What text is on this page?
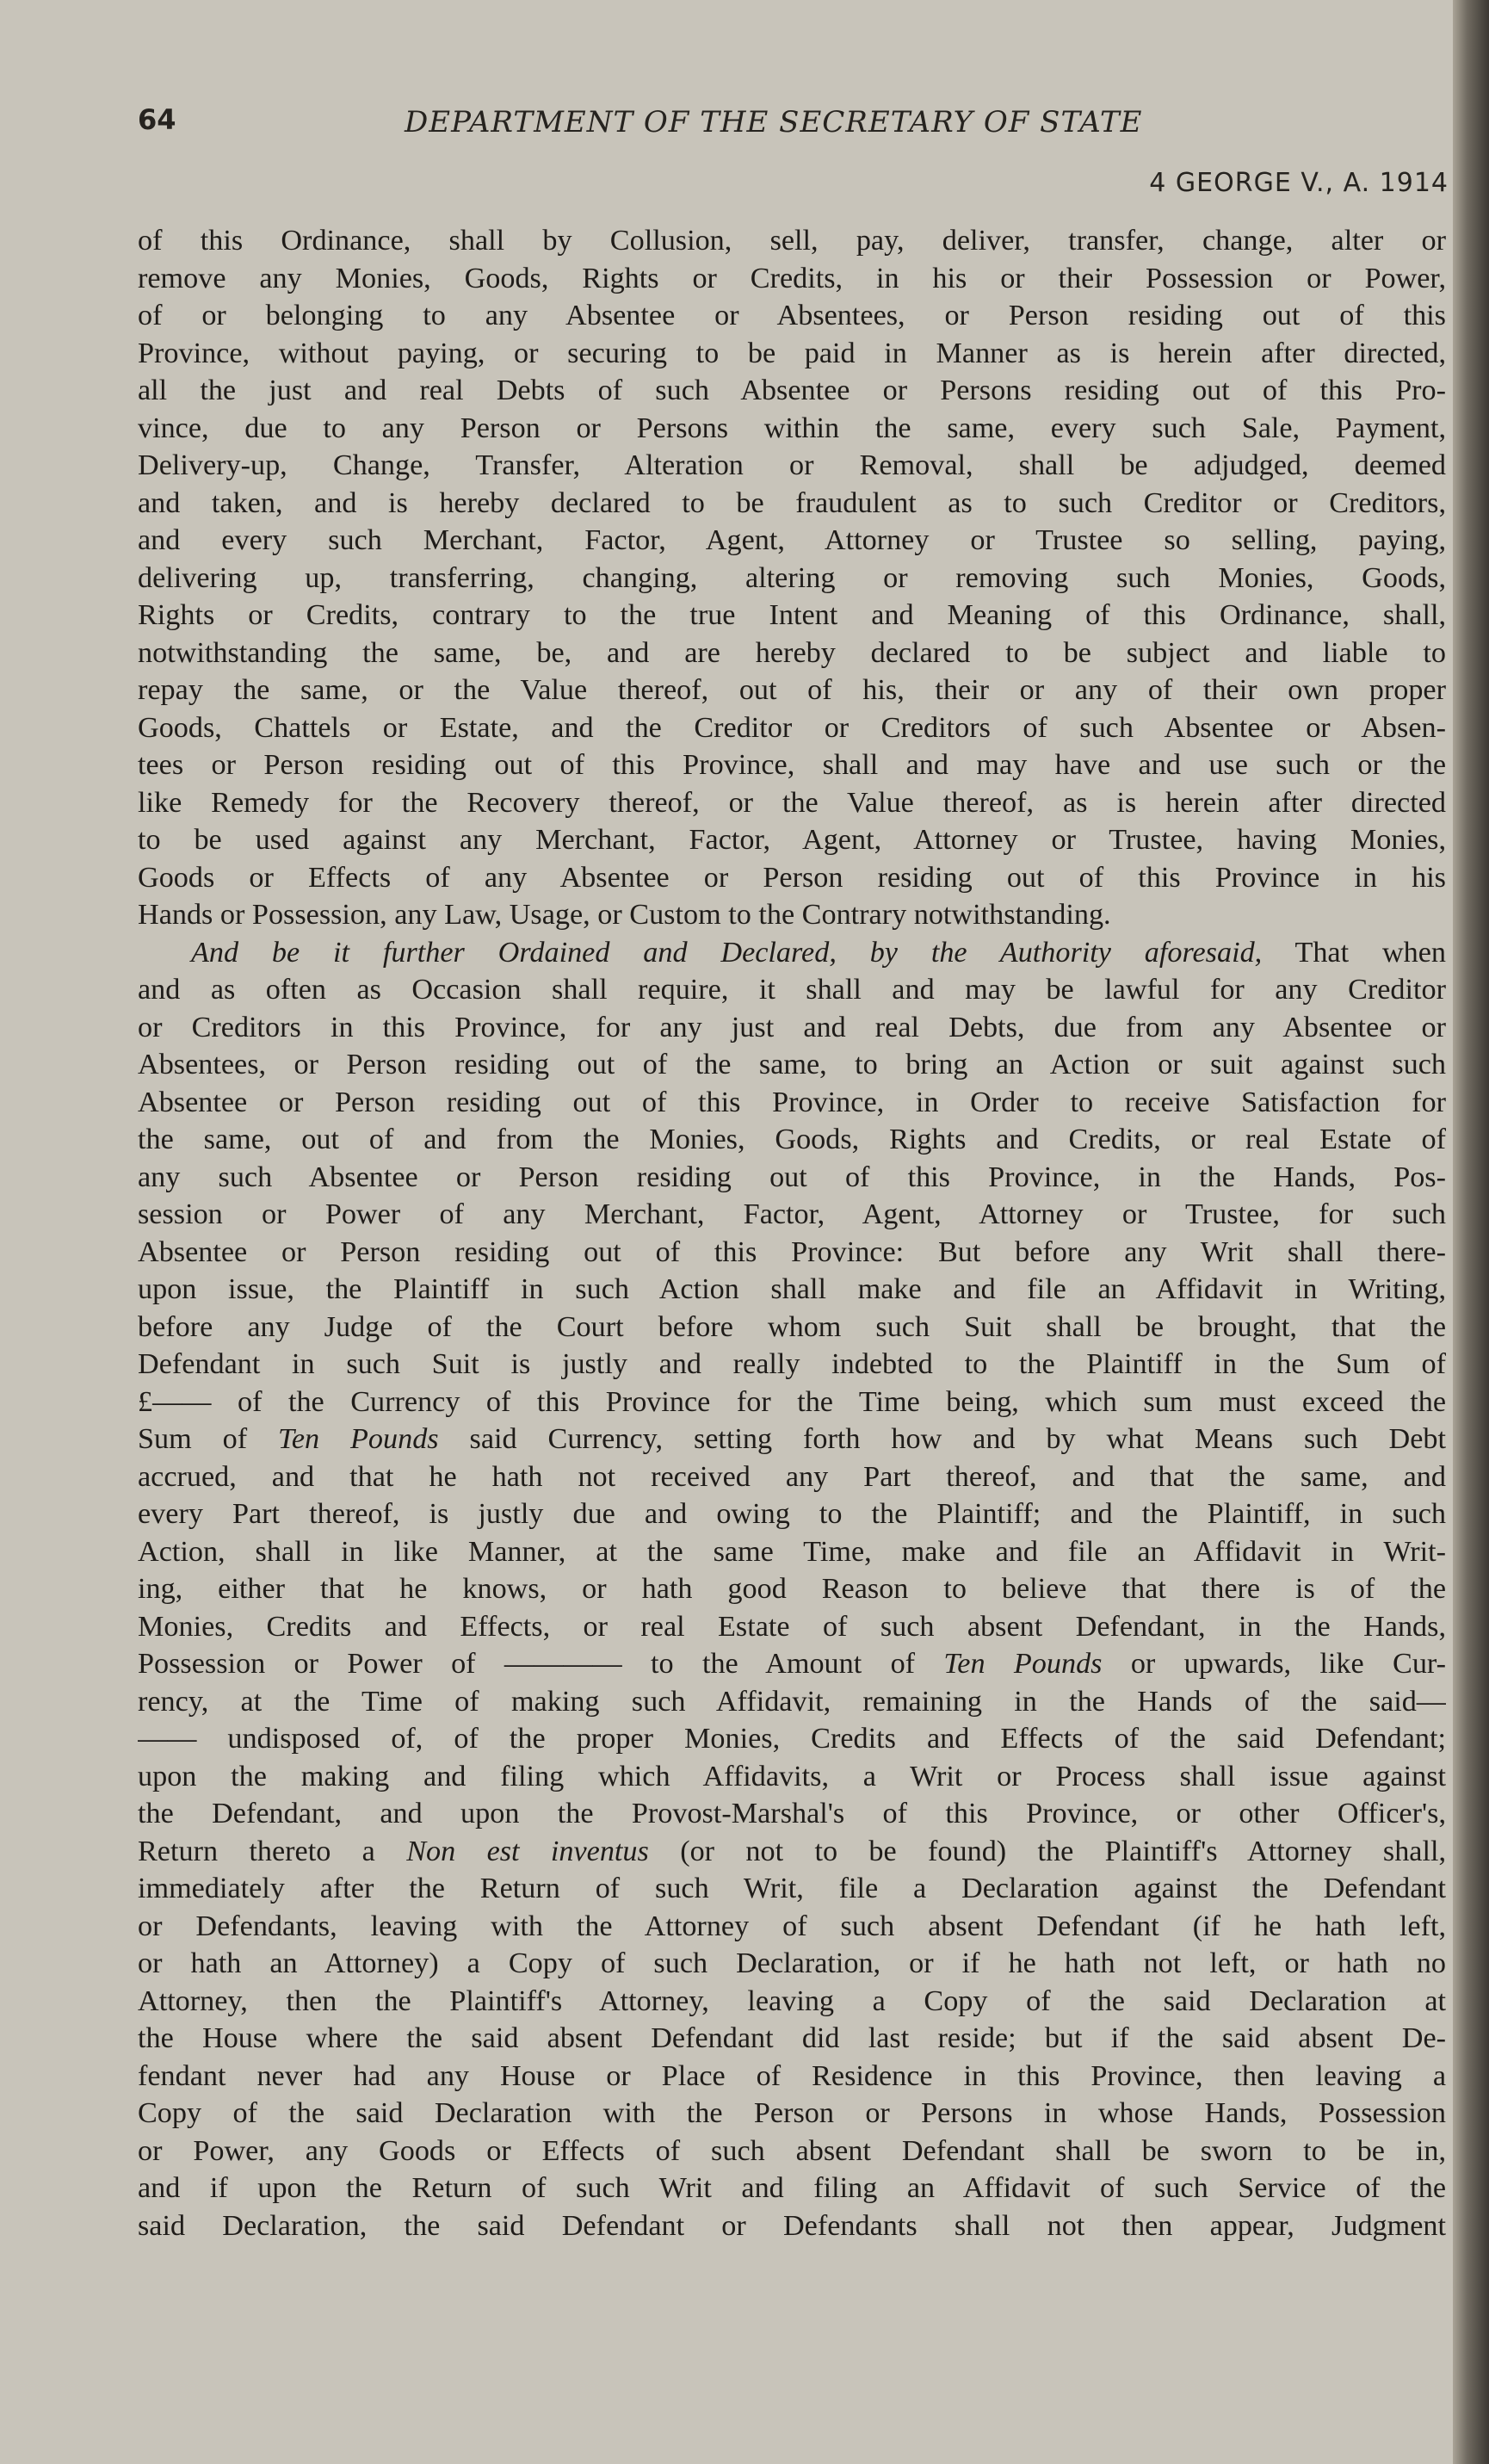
64	DEPARTMENT OF THE SECRETARY OF STATE
4 GEORGE V., A. 1914
of this Ordinance, shall by Collusion, sell, pay, deliver, transfer, change, alter or
remove any Monies, Goods, Rights or Credits, in his or their Possession or Power,
of or belonging to any Absentee or Absentees, or Person residing out of this
Province, without paying, or securing to be paid in Manner as is herein after directed,
all the just and real Debts of such Absentee or Persons residing out of this Pro-
vince, due to any Person or Persons within the same, every such Sale, Payment,
Delivery-up, Change, Transfer, Alteration or Removal, shall be adjudged, deemed
and taken, and is hereby declared to be fraudulent as to such Creditor or Creditors,
and every such Merchant, Factor, Agent, Attorney or Trustee so selling, paying,
delivering up, transferring, changing, altering or removing such Monies, Goods,
Rights or Credits, contrary to the true Intent and Meaning of this Ordinance, shall,
notwithstanding the same, be, and are hereby declared to be subject and liable to
repay the same, or the Value thereof, out of his, their or any of their own proper
Goods, Chattels or Estate, and the Creditor or Creditors of such Absentee or Absen-
tees or Person residing out of this Province, shall and may have and use such or the
like Remedy for the Recovery thereof, or the Value thereof, as is herein after directed
to be used against any Merchant, Factor, Agent, Attorney or Trustee, having Monies,
Goods or Effects of any Absentee or Person residing out of this Province in his
Hands or Possession, any Law, Usage, or Custom to the Contrary notwithstanding.
And be it further Ordained and Declared, by the Authority aforesaid, That when
and as often as Occasion shall require, it shall and may be lawful for any Creditor
or Creditors in this Province, for any just and real Debts, due from any Absentee or
Absentees, or Person residing out of the same, to bring an Action or suit against such
Absentee or Person residing out of this Province, in Order to receive Satisfaction for
the same, out of and from the Monies, Goods, Rights and Credits, or real Estate of
any such Absentee or Person residing out of this Province, in the Hands, Pos-
session or Power of any Merchant, Factor, Agent, Attorney or Trustee, for such
Absentee or Person residing out of this Province: But before any Writ shall there-
upon issue, the Plaintiff in such Action shall make and file an Affidavit in Writing,
before any Judge of the Court before whom such Suit shall be brought, that the
Defendant in such Suit is justly and really indebted to the Plaintiff in the Sum of
£—— of the Currency of this Province for the Time being, which sum must exceed the
Sum of Ten Pounds said Currency, setting forth how and by what Means such Debt
accrued, and that he hath not received any Part thereof, and that the same, and
every Part thereof, is justly due and owing to the Plaintiff; and the Plaintiff, in such
Action, shall in like Manner, at the same Time, make and file an Affidavit in Writ-
ing, either that he knows, or hath good Reason to believe that there is of the
Monies, Credits and Effects, or real Estate of such absent Defendant, in the Hands,
Possession or Power of ———— to the Amount of Ten Pounds or upwards, like Cur-
rency, at the Time of making such Affidavit, remaining in the Hands of the said—
—— undisposed of, of the proper Monies, Credits and Effects of the said Defendant;
upon the making and filing which Affidavits, a Writ or Process shall issue against
the Defendant, and upon the Provost-Marshal's of this Province, or other Officer's,
Return thereto a Non est inventus (or not to be found) the Plaintiff's Attorney shall,
immediately after the Return of such Writ, file a Declaration against the Defendant
or Defendants, leaving with the Attorney of such absent Defendant (if he hath left,
or hath an Attorney) a Copy of such Declaration, or if he hath not left, or hath no
Attorney, then the Plaintiff's Attorney, leaving a Copy of the said Declaration at
the House where the said absent Defendant did last reside; but if the said absent De-
fendant never had any House or Place of Residence in this Province, then leaving a
Copy of the said Declaration with the Person or Persons in whose Hands, Possession
or Power, any Goods or Effects of such absent Defendant shall be sworn to be in,
and if upon the Return of such Writ and filing an Affidavit of such Service of the
said Declaration, the said Defendant or Defendants shall not then appear, Judgment
